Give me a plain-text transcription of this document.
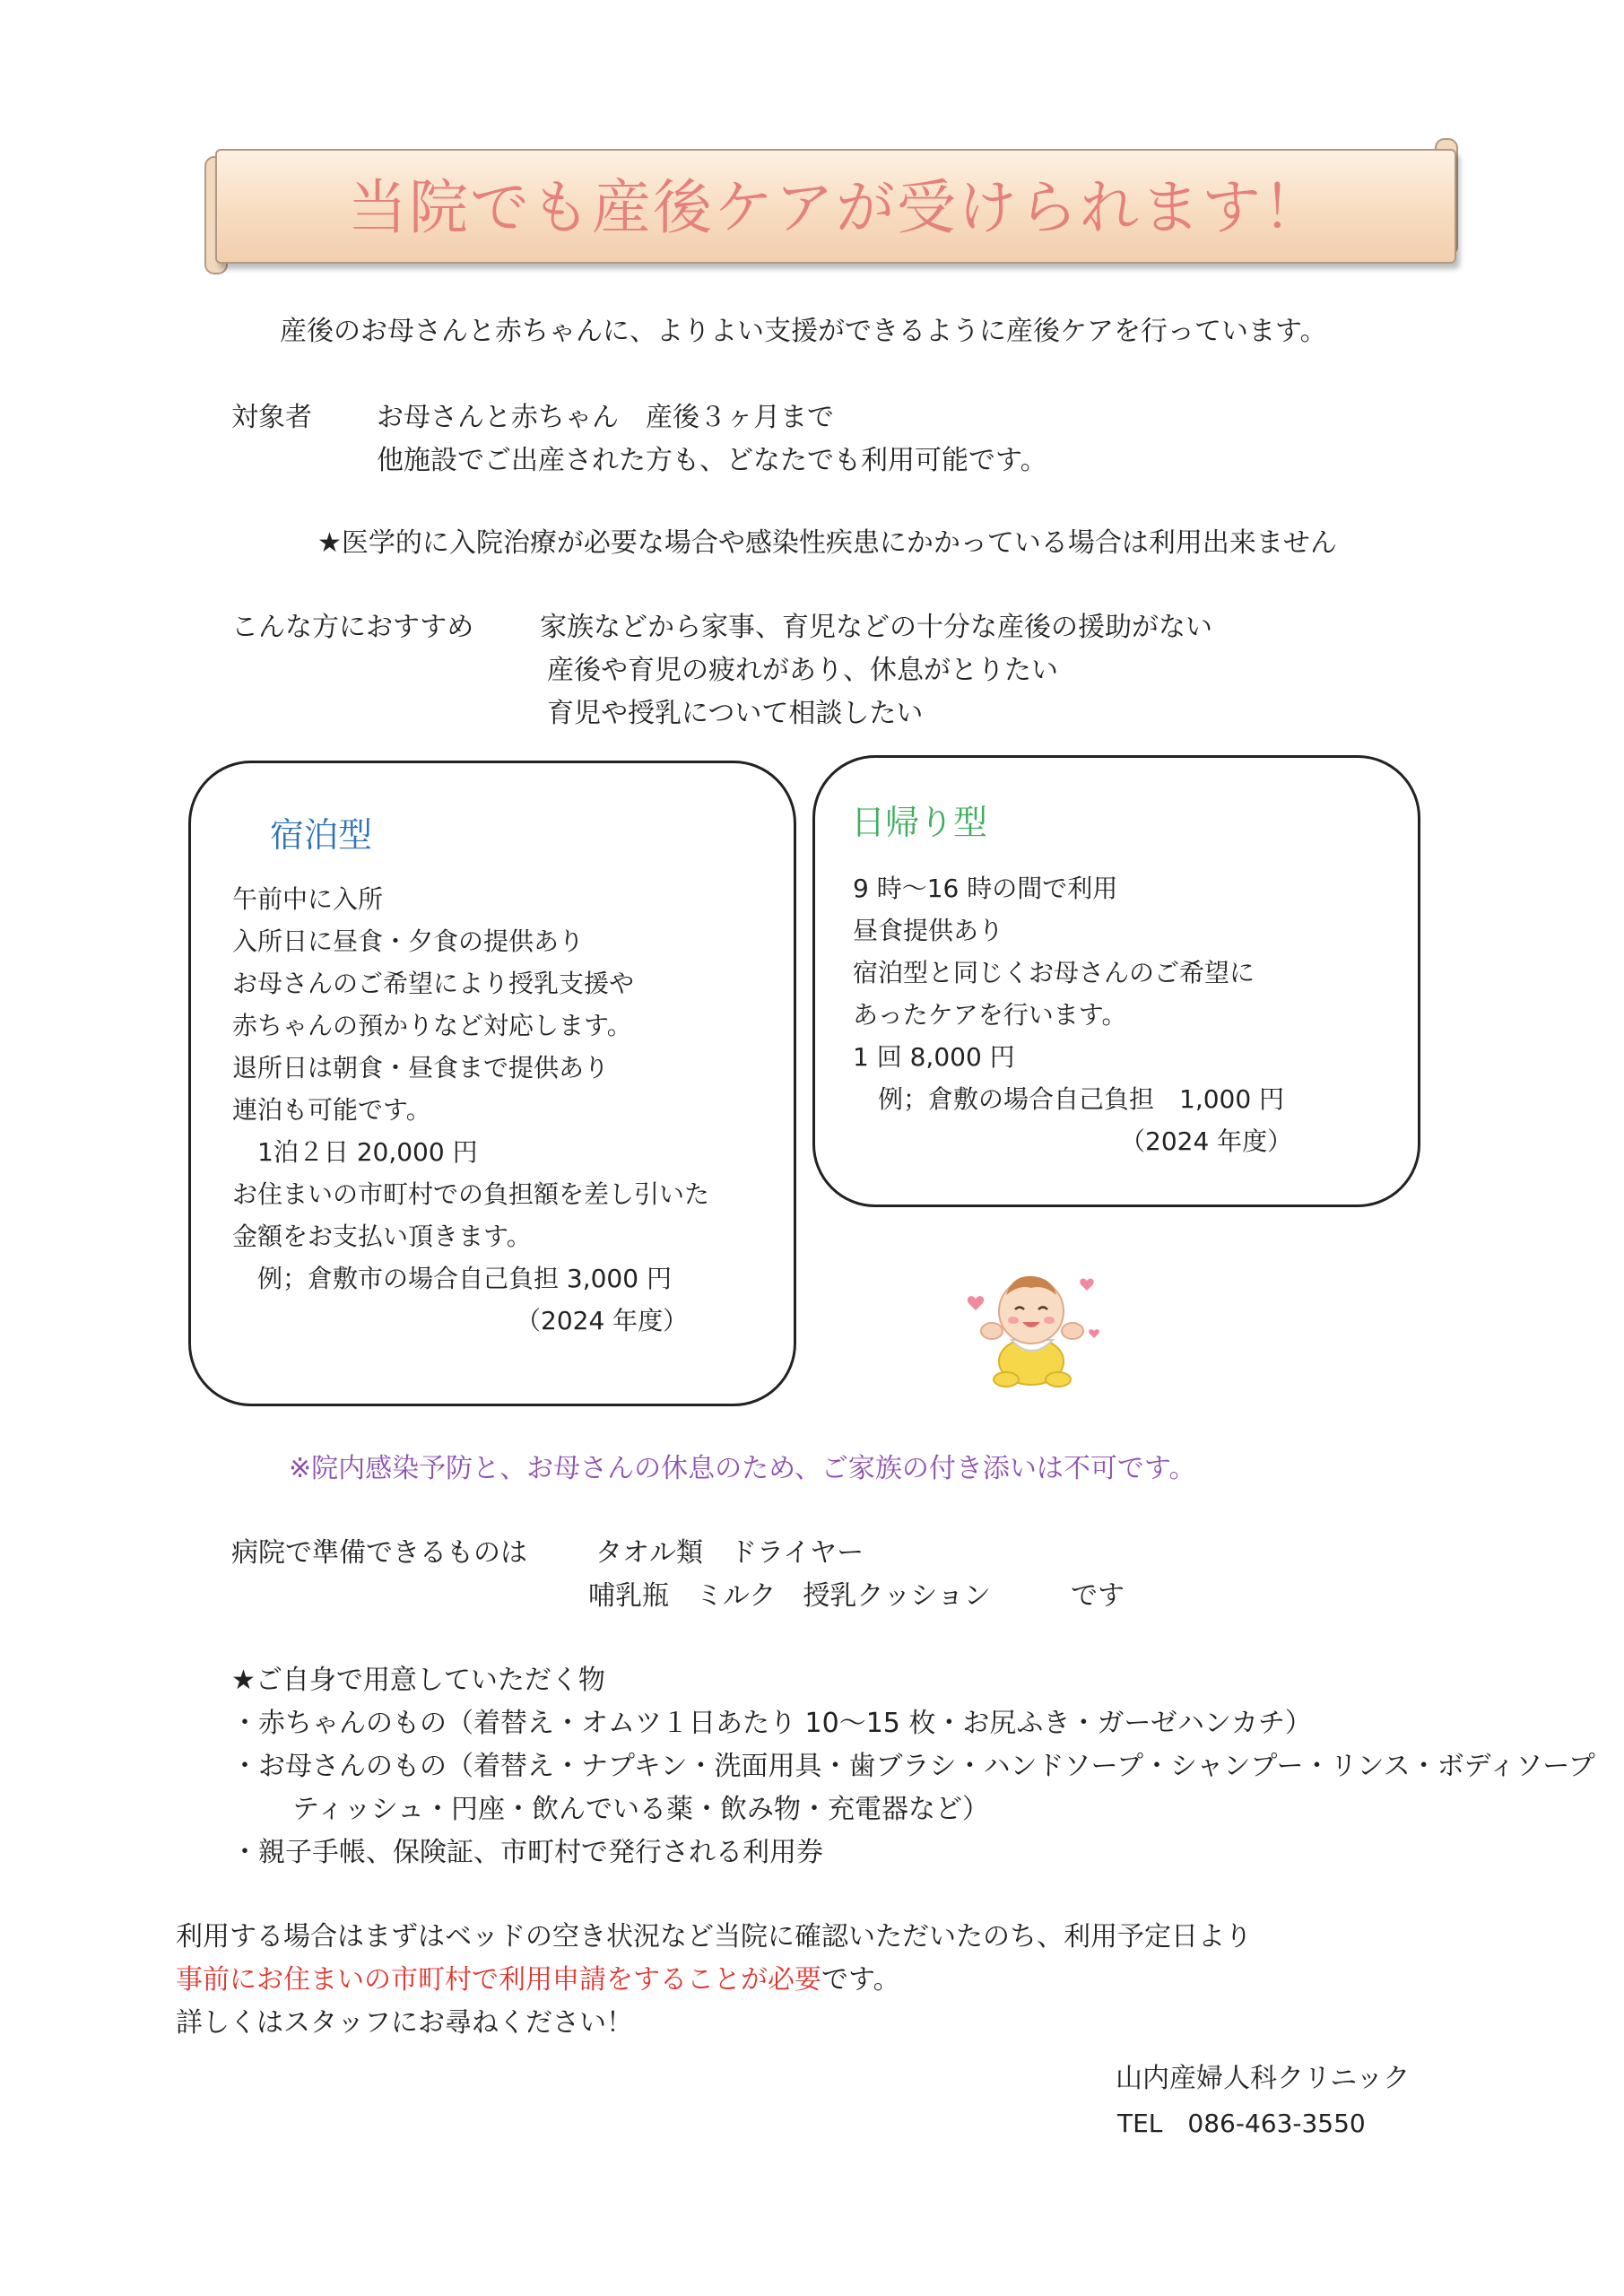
当院でも産後ケアが受けられます！
産後のお母さんと赤ちゃんに、よりよい支援ができるように産後ケアを行っています。
対象者 お母さんと赤ちゃん　産後３ヶ月まで
他施設でご出産された方も、どなたでも利用可能です。
★医学的に入院治療が必要な場合や感染性疾患にかかっている場合は利用出来ません
こんな方におすすめ 家族などから家事、育児などの十分な産後の援助がない
産後や育児の疲れがあり、休息がとりたい
育児や授乳について相談したい
宿泊型
午前中に入所
入所日に昼食・夕食の提供あり
お母さんのご希望により授乳支援や
赤ちゃんの預かりなど対応します。
退所日は朝食・昼食まで提供あり
連泊も可能です。
　1泊２日 20,000 円
お住まいの市町村での負担額を差し引いた
金額をお支払い頂きます。
　例；倉敷市の場合自己負担 3,000 円
（2024 年度）
日帰り型
9 時～16 時の間で利用
昼食提供あり
宿泊型と同じくお母さんのご希望に
あったケアを行います。
1 回 8,000 円
　例；倉敷の場合自己負担　1,000 円
（2024 年度）
※院内感染予防と、お母さんの休息のため、ご家族の付き添いは不可です。
病院で準備できるものは	タオル類　ドライヤー
哺乳瓶　ミルク　授乳クッション	です
★ご自身で用意していただく物
・赤ちゃんのもの（着替え・オムツ１日あたり 10～15 枚・お尻ふき・ガーゼハンカチ）
・お母さんのもの（着替え・ナプキン・洗面用具・歯ブラシ・ハンドソープ・シャンプー・リンス・ボディソープ
ティッシュ・円座・飲んでいる薬・飲み物・充電器など）
・親子手帳、保険証、市町村で発行される利用券
利用する場合はまずはベッドの空き状況など当院に確認いただいたのち、利用予定日より
事前にお住まいの市町村で利用申請をすることが必要です。
詳しくはスタッフにお尋ねください！
山内産婦人科クリニック
TEL　086-463-3550
